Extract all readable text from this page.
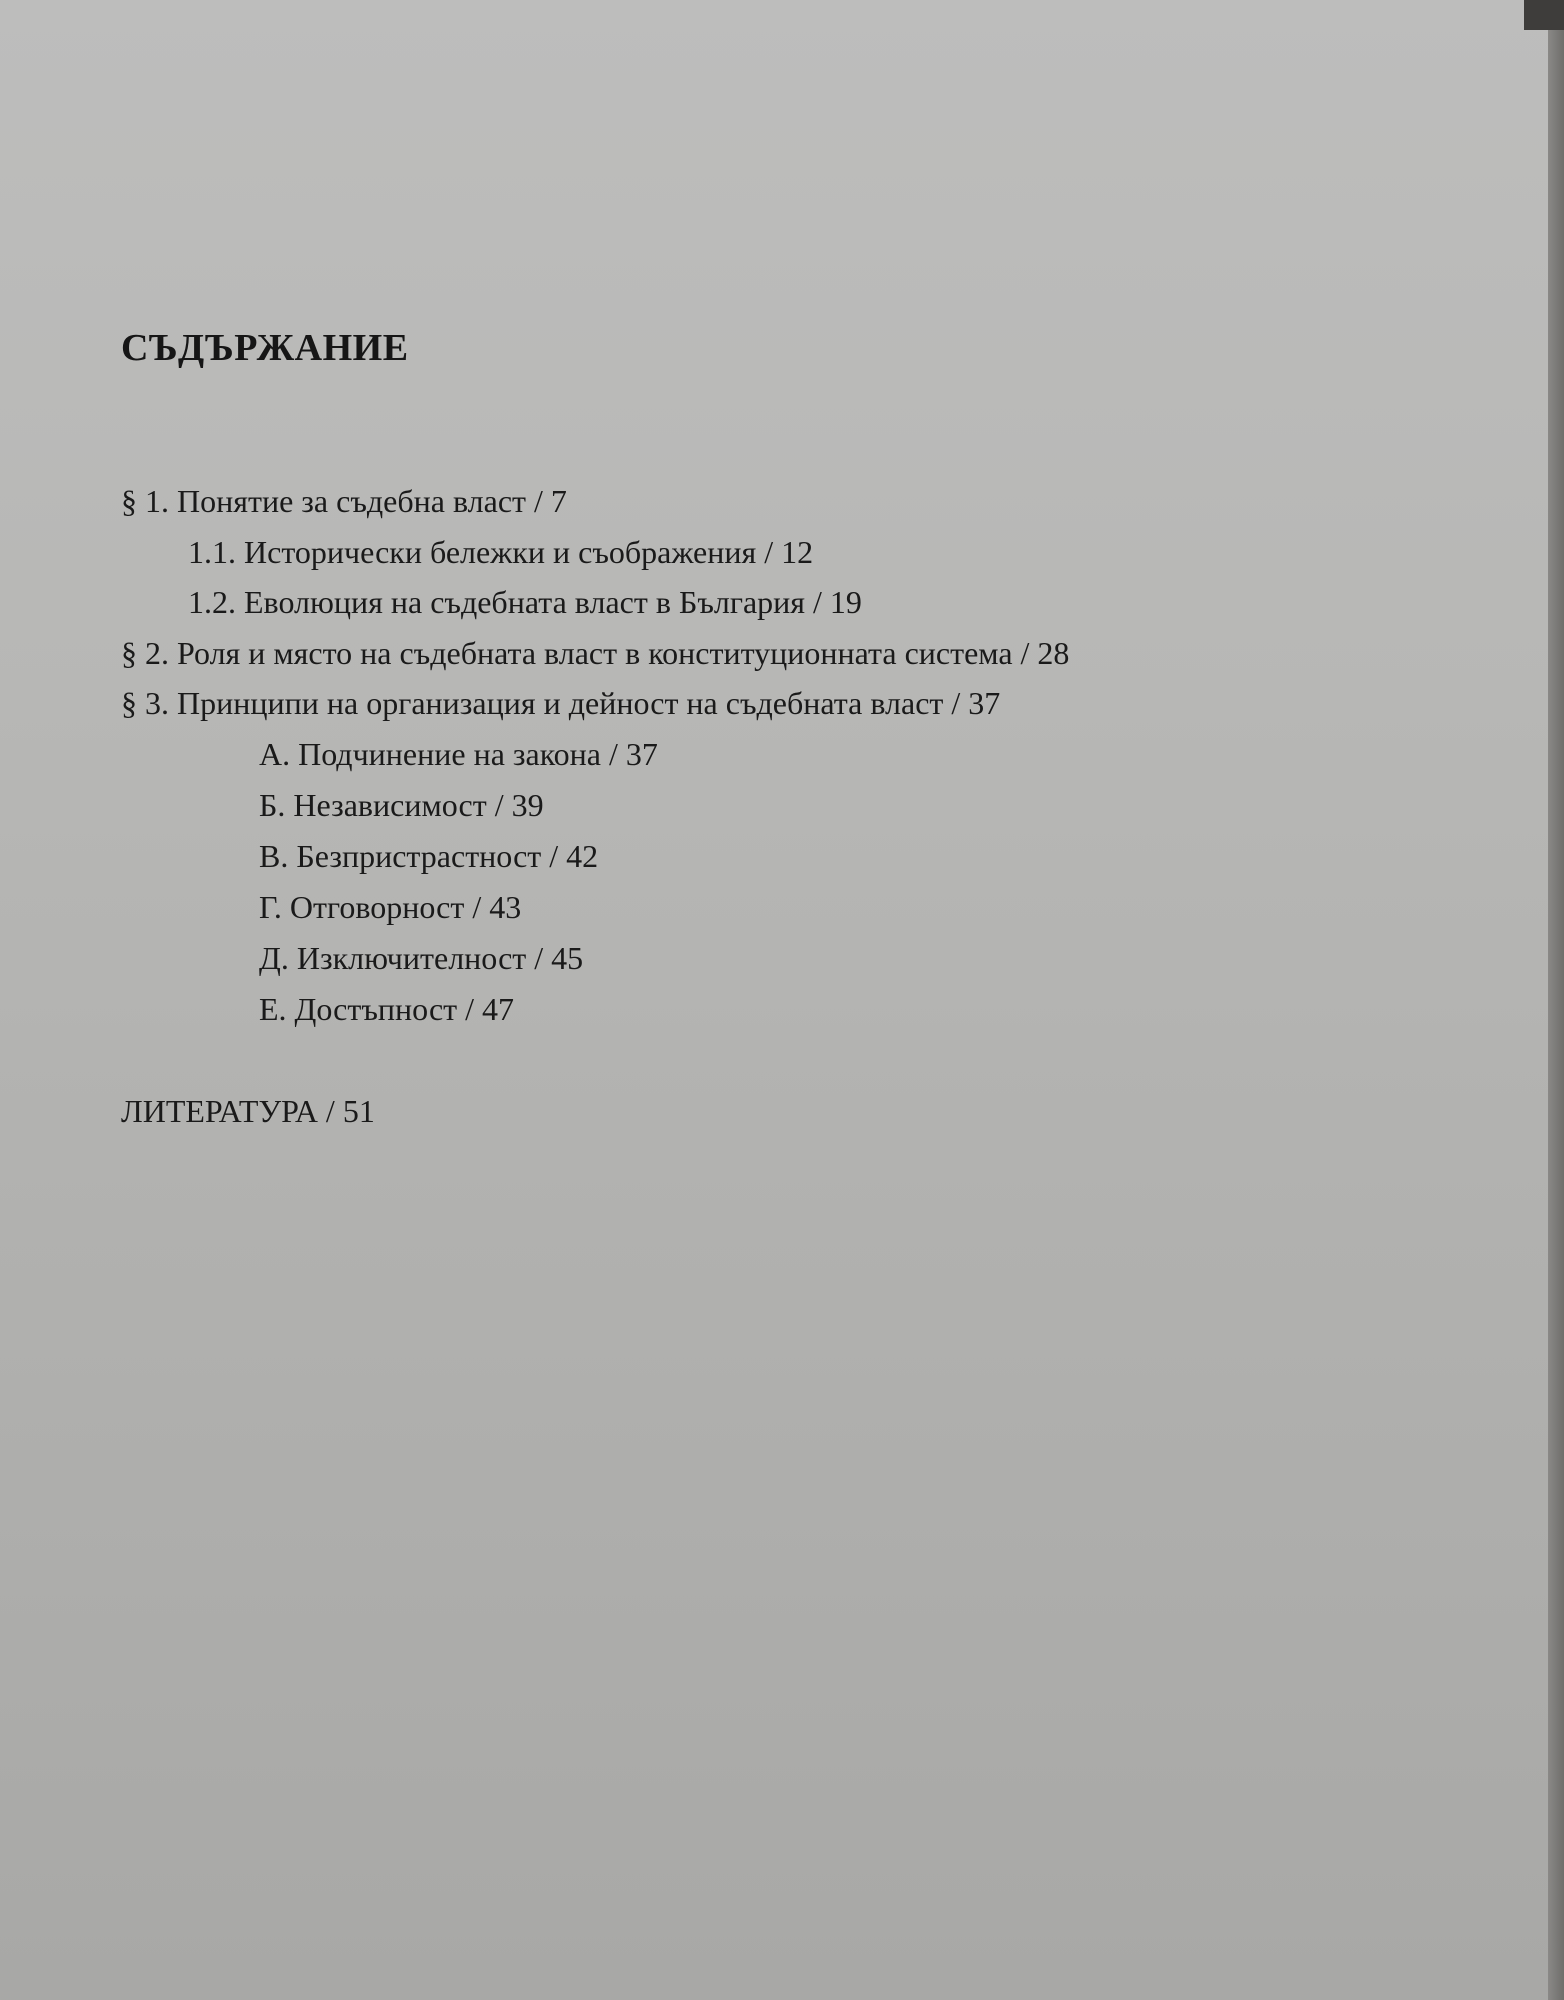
СЪДЪРЖАНИЕ
§ 1. Понятие за съдебна власт / 7
1.1. Исторически бележки и съображения / 12
1.2. Еволюция на съдебната власт в България / 19
§ 2. Роля и място на съдебната власт в конституционната система / 28
§ 3. Принципи на организация и дейност на съдебната власт / 37
А. Подчинение на закона / 37
Б. Независимост / 39
В. Безпристрастност / 42
Г. Отговорност / 43
Д. Изключителност / 45
Е. Достъпност / 47
ЛИТЕРАТУРА / 51
